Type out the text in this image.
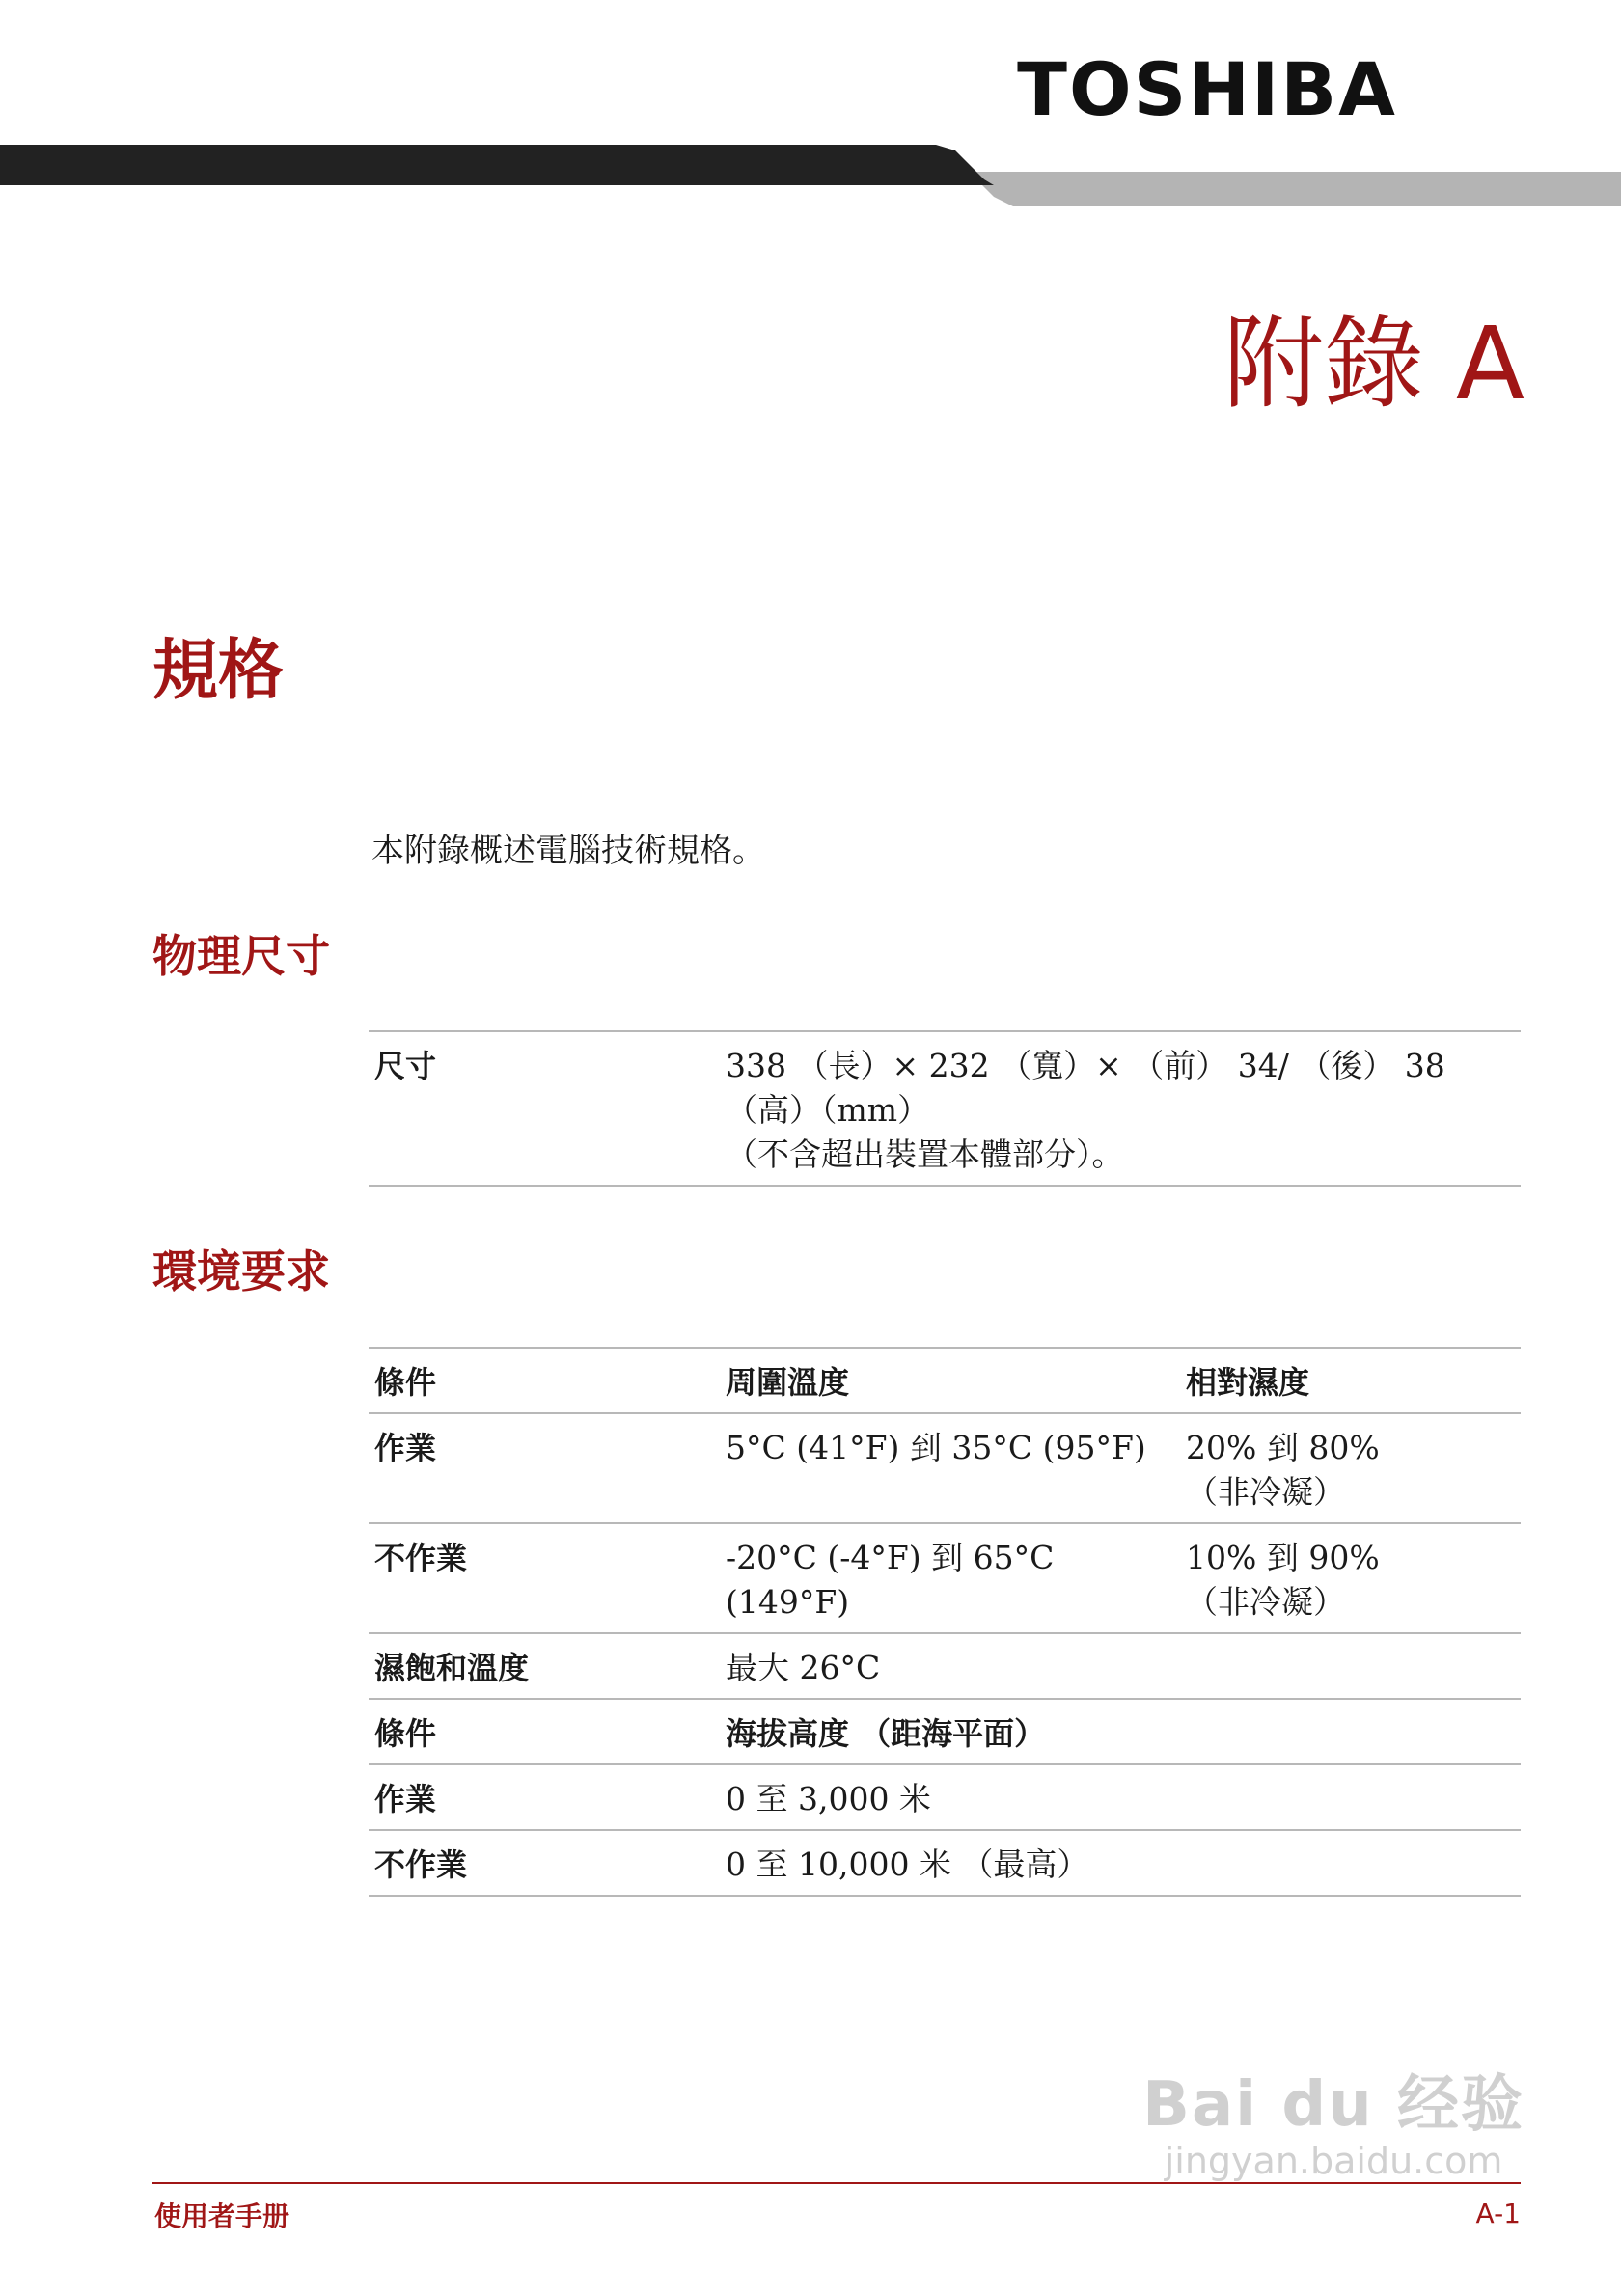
TOSHIBA
附錄 A
規格
本附錄概述電腦技術規格。
物理尺寸
尺寸	338 （長）× 232 （寬）× （前） 34/ （後） 38
（高）（mm）
（不含超出裝置本體部分）。
環境要求
條件	周圍溫度	相對濕度
作業	5°C (41°F) 到 35°C (95°F)	20% 到 80%
（非冷凝）

不作業	-20°C (-4°F) 到 65°C (149°F)	10% 到 90%
（非冷凝）

濕飽和溫度	最大 26°C	
條件	海拔高度 （距海平面）	
作業	0 至 3,000 米	
不作業	0 至 10,000 米 （最高）	
Bai du 经验
jingyan.baidu.com
使用者手册	A-1
